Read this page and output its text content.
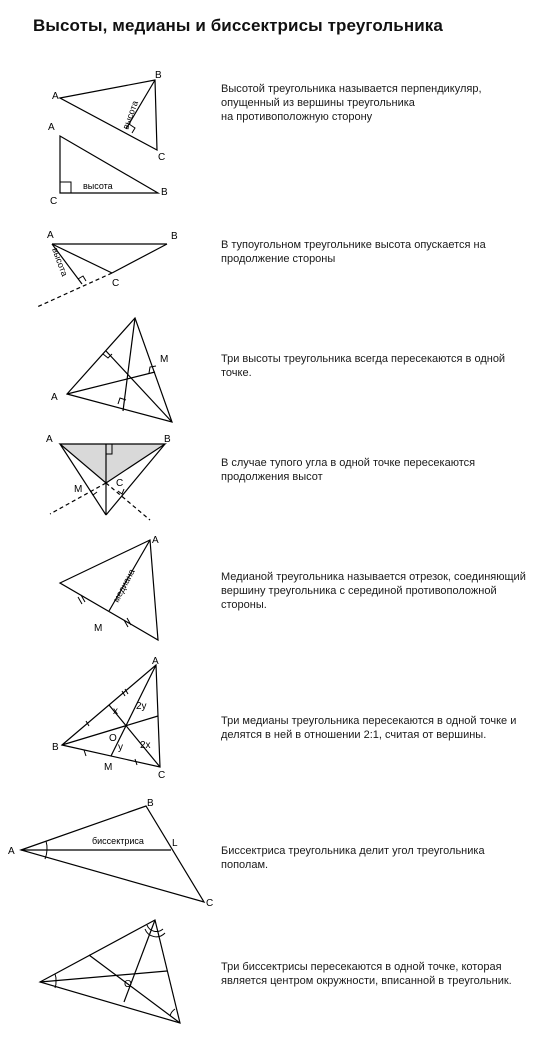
Высоты, медианы и биссектрисы треугольника
A
B
C
высота
A
B
C
высота
Высотой треугольника называется перпендикуляр,
опущенный из вершины треугольника
на противоположную сторону
A	B
C
высота
В тупоугольном треугольнике высота опускается на
продолжение стороны
A
M	Три высоты треугольника всегда пересекаются в одной
точке.
A	B
M
C
В случае тупого угла в одной точке пересекаются
продолжения высот
A
M
медиана	Медианой треугольника называется отрезок, соединяющий
вершину треугольника с серединой противоположной
стороны.
A
B
C
O
M
x
y 2x
2y
Три медианы треугольника пересекаются в одной точке и
делятся в ней в отношении 2:1, считая от вершины.
A
B
C
L
биссектриса
Биссектриса треугольника делит угол треугольника
пополам.
O
Три биссектрисы пересекаются в одной точке, которая
является центром окружности, вписанной в треугольник.
